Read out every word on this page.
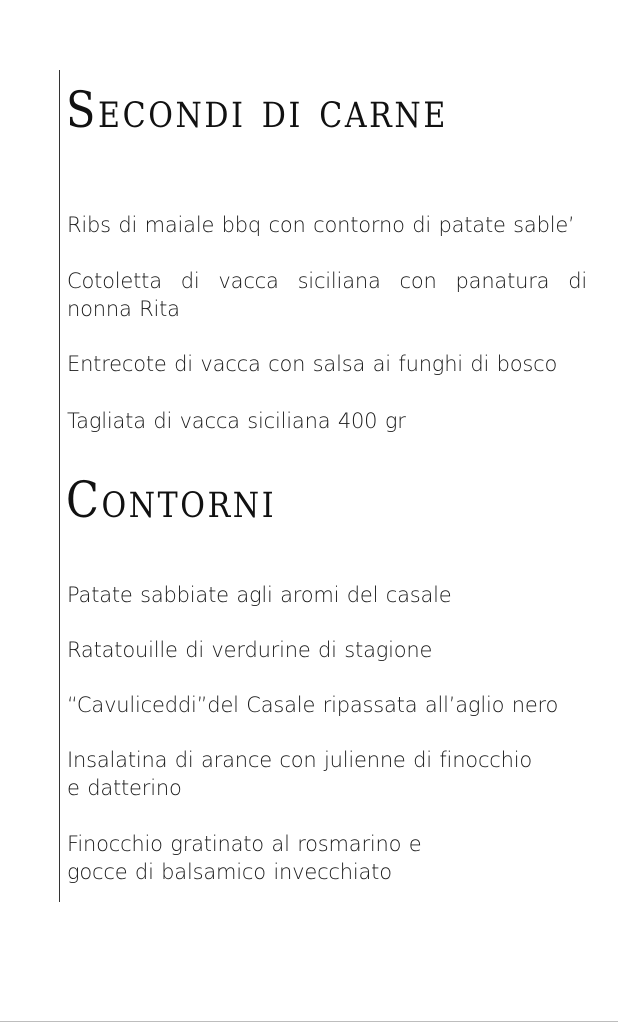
Secondi di carne

Ribs di maiale bbq con contorno di patate sable’

Cotoletta di vacca siciliana con panatura di nonna Rita

Entrecote di vacca con salsa ai funghi di bosco

Tagliata di vacca siciliana 400 gr

Contorni

Patate sabbiate agli aromi del casale

Ratatouille di verdurine di stagione

“Cavuliceddi”del Casale ripassata all’aglio nero

Insalatina di arance con julienne di finocchio e datterino

Finocchio gratinato al rosmarino e gocce di balsamico invecchiato
